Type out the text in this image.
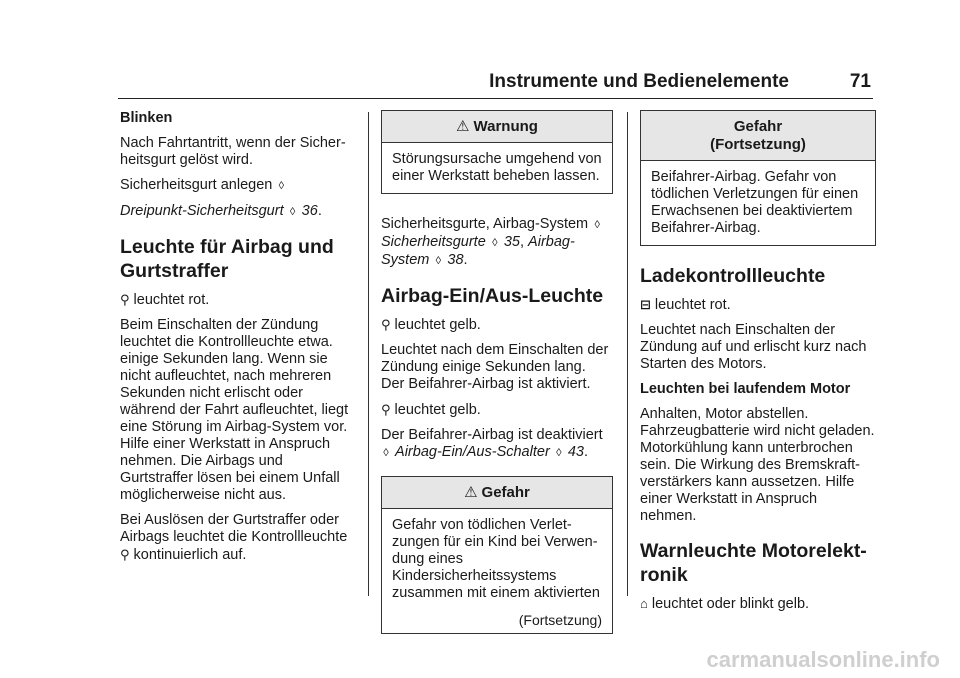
Instrumente und Bedienelemente	71

Blinken

Nach Fahrtantritt, wenn der Sicher-heitsgurt gelöst wird.

Sicherheitsgurt anlegen ◊

Dreipunkt-Sicherheitsgurt ◊ 36.

Leuchte für Airbag und Gurtstraffer

⚲ leuchtet rot.

Beim Einschalten der Zündung leuchtet die Kontrollleuchte etwa. einige Sekunden lang. Wenn sie nicht aufleuchtet, nach mehreren Sekunden nicht erlischt oder während der Fahrt aufleuchtet, liegt eine Störung im Airbag-System vor. Hilfe einer Werkstatt in Anspruch nehmen. Die Airbags und Gurtstraffer lösen bei einem Unfall möglicherweise nicht aus.

Bei Auslösen der Gurtstraffer oder Airbags leuchtet die Kontrollleuchte ⚲ kontinuierlich auf.

⚠ Warnung
Störungsursache umgehend von einer Werkstatt beheben lassen.

Sicherheitsgurte, Airbag-System ◊
Sicherheitsgurte ◊ 35, Airbag-System ◊ 38.

Airbag-Ein/Aus-Leuchte

⚲ leuchtet gelb.

Leuchtet nach dem Einschalten der Zündung einige Sekunden lang. Der Beifahrer-Airbag ist aktiviert.

⚲ leuchtet gelb.

Der Beifahrer-Airbag ist deaktiviert
◊ Airbag-Ein/Aus-Schalter ◊ 43.

⚠ Gefahr
Gefahr von tödlichen Verlet-zungen für ein Kind bei Verwen-dung eines Kindersicherheitssystems zusammen mit einem aktivierten
(Fortsetzung)
Gefahr
(Fortsetzung)
Beifahrer-Airbag. Gefahr von tödlichen Verletzungen für einen Erwachsenen bei deaktiviertem Beifahrer-Airbag.
Ladekontrollleuchte

⊟ leuchtet rot.

Leuchtet nach Einschalten der Zündung auf und erlischt kurz nach Starten des Motors.

Leuchten bei laufendem Motor

Anhalten, Motor abstellen. Fahrzeugbatterie wird nicht geladen. Motorkühlung kann unterbrochen sein. Die Wirkung des Bremskraft-verstärkers kann aussetzen. Hilfe einer Werkstatt in Anspruch nehmen.

Warnleuchte Motorelekt-ronik

⌂ leuchtet oder blinkt gelb.

carmanualsonline.info
